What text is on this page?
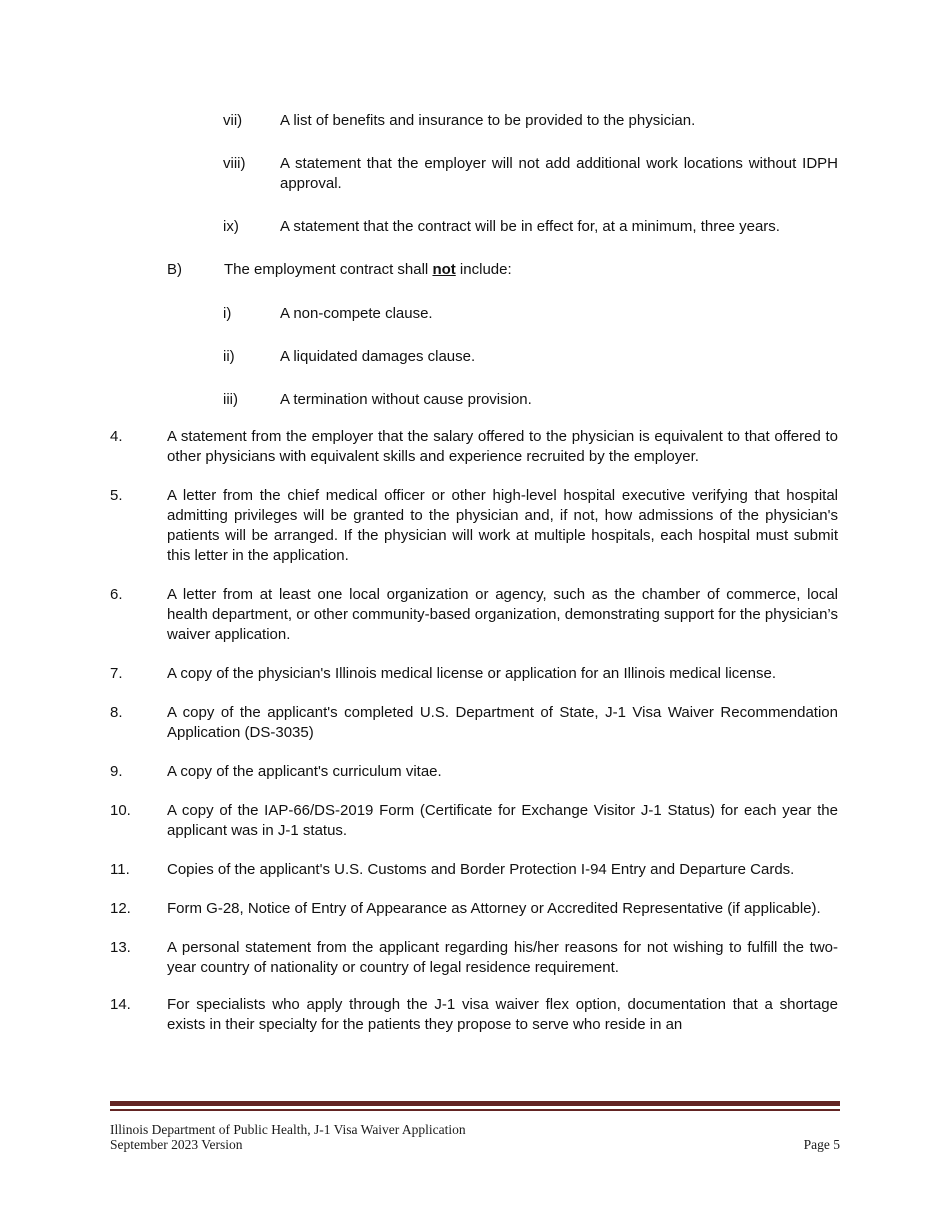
vii)	A list of benefits and insurance to be provided to the physician.
viii)	A statement that the employer will not add additional work locations without IDPH approval.
ix)	A statement that the contract will be in effect for, at a minimum, three years.
B)	The employment contract shall not include:
i)	A non-compete clause.
ii)	A liquidated damages clause.
iii)	A termination without cause provision.
4.	A statement from the employer that the salary offered to the physician is equivalent to that offered to other physicians with equivalent skills and experience recruited by the employer.
5.	A letter from the chief medical officer or other high-level hospital executive verifying that hospital admitting privileges will be granted to the physician and, if not, how admissions of the physician's patients will be arranged. If the physician will work at multiple hospitals, each hospital must submit this letter in the application.
6.	A letter from at least one local organization or agency, such as the chamber of commerce, local health department, or other community-based organization, demonstrating support for the physician’s waiver application.
7.	A copy of the physician's Illinois medical license or application for an Illinois medical license.
8.	A copy of the applicant's completed U.S. Department of State, J-1 Visa Waiver Recommendation Application (DS-3035)
9.	A copy of the applicant's curriculum vitae.
10.	A copy of the IAP-66/DS-2019 Form (Certificate for Exchange Visitor J-1 Status) for each year the applicant was in J-1 status.
11.	Copies of the applicant's U.S. Customs and Border Protection I-94 Entry and Departure Cards.
12.	Form G-28, Notice of Entry of Appearance as Attorney or Accredited Representative (if applicable).
13.	A personal statement from the applicant regarding his/her reasons for not wishing to fulfill the two-year country of nationality or country of legal residence requirement.
14.	For specialists who apply through the J-1 visa waiver flex option, documentation that a shortage exists in their specialty for the patients they propose to serve who reside in an
Illinois Department of Public Health, J-1 Visa Waiver Application
September 2023 Version	Page 5
